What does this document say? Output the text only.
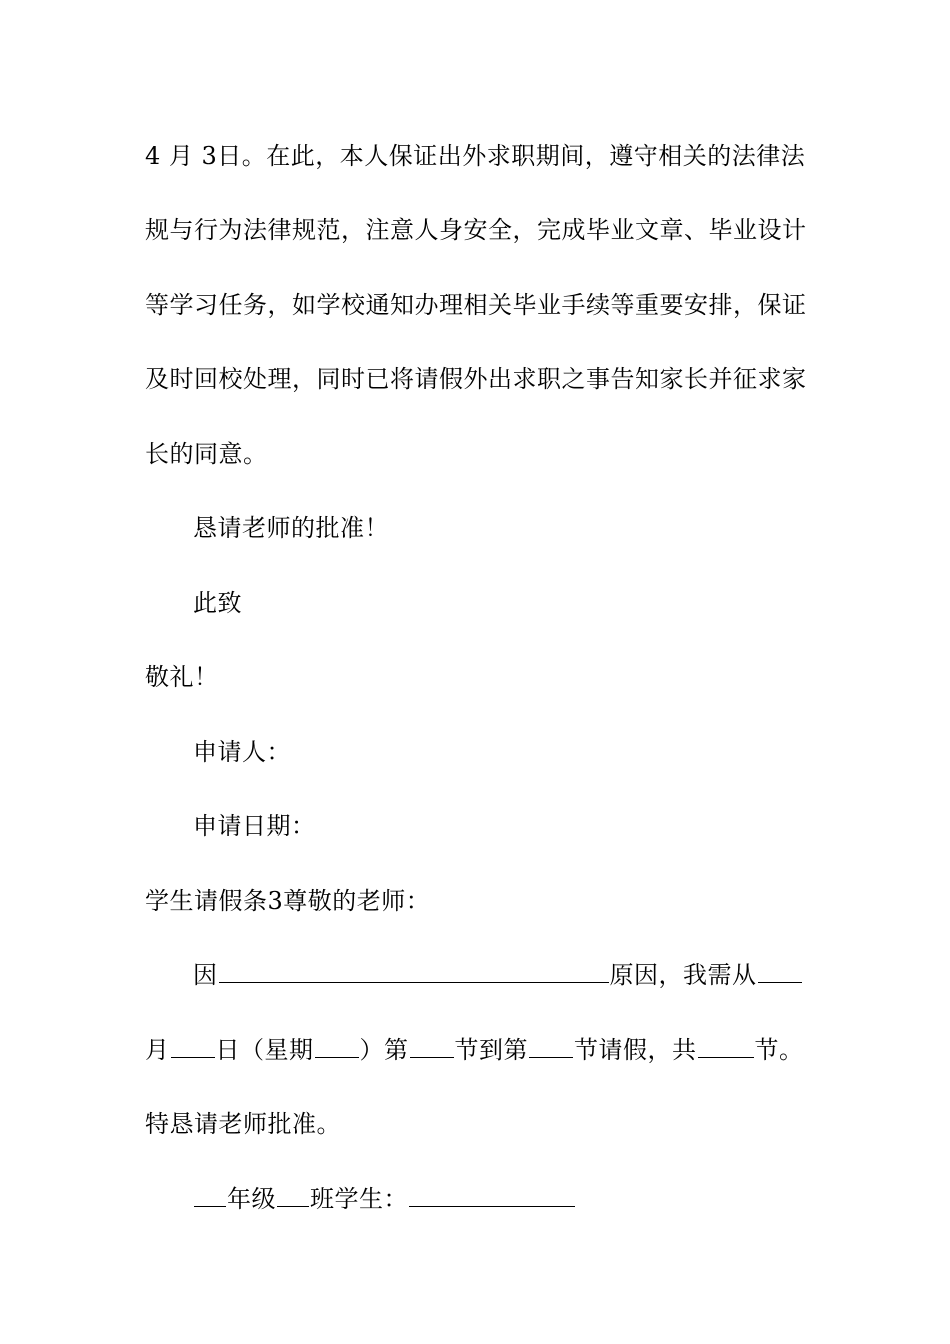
4 月 3日。在此，本人保证出外求职期间，遵守相关的法律法
规与行为法律规范，注意人身安全，完成毕业文章、毕业设计
等学习任务，如学校通知办理相关毕业手续等重要安排，保证
及时回校处理，同时已将请假外出求职之事告知家长并征求家
长的同意。
恳请老师的批准！
此致
敬礼！
申请人：
申请日期：
学生请假条3尊敬的老师：
因	原因，我需从
月 日（星期 ）第 节到第 节请假，共 节。
特恳请老师批准。
年级 班学生：
